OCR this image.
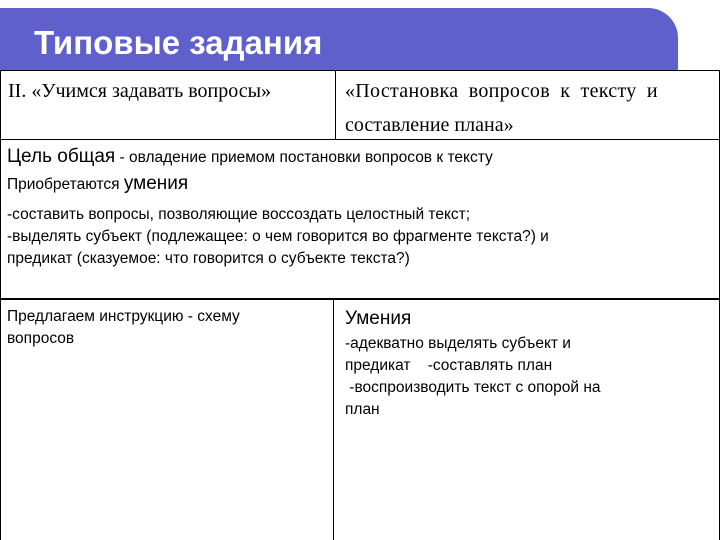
Типовые задания
II. «Учимся задавать вопросы»	«Постановка вопросов к тексту и
составление плана»
Цель общая - овладение приемом постановки вопросов к тексту
Приобретаются умения
-составить вопросы, позволяющие воссоздать целостный текст;
-выделять субъект (подлежащее: о чем говорится во фрагменте текста?) и
предикат (сказуемое: что говорится о субъекте текста?)
Предлагаем инструкцию - схему
вопросов
Умения
-адекватно выделять субъект и
предикат    -составлять план
-воспроизводить текст с опорой на
план
